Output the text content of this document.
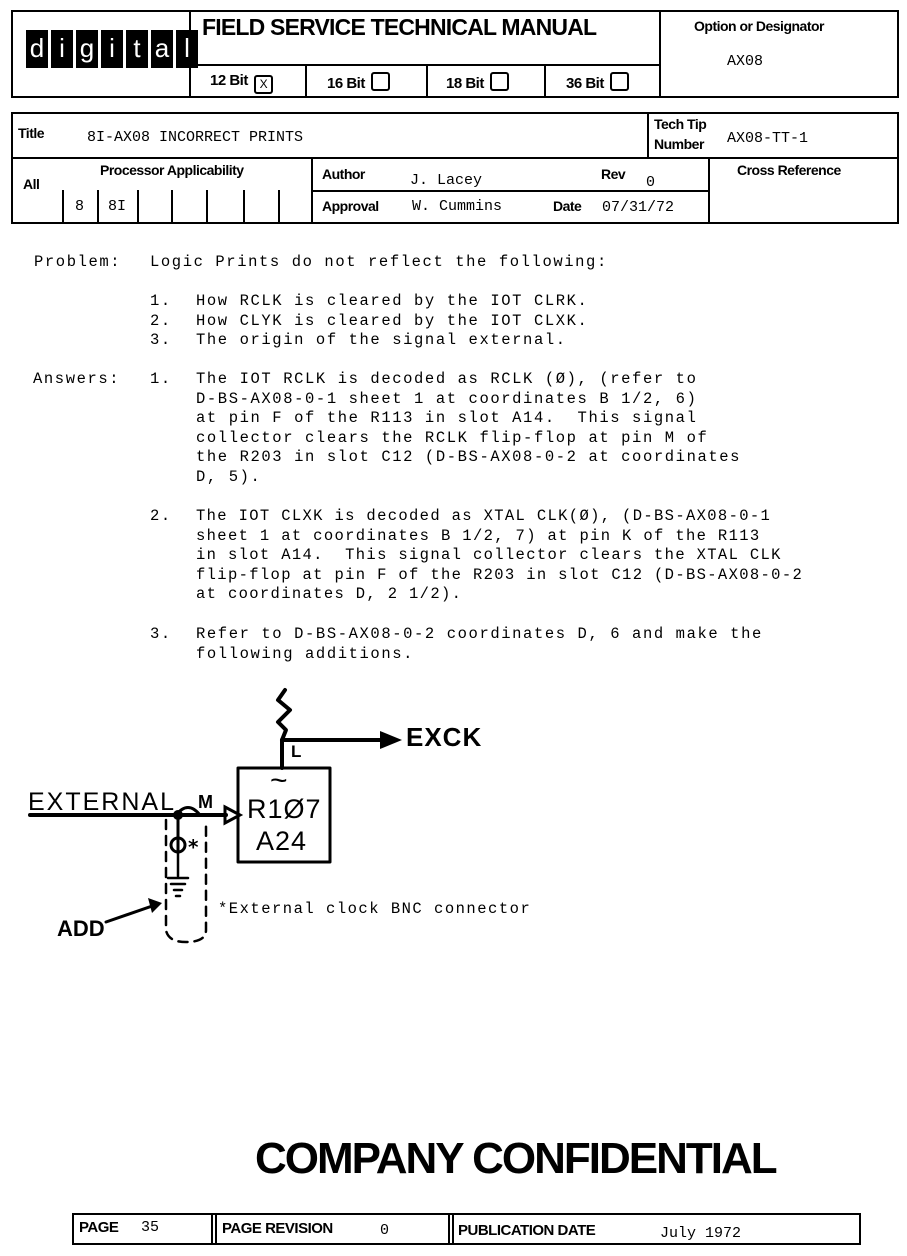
d i g i t a l
FIELD SERVICE TECHNICAL MANUAL
12 Bit X	16 Bit	18 Bit	36 Bit
Option or Designator
AX08
Title	8I-AX08 INCORRECT PRINTS
Tech Tip
Number AX08-TT-1
Processor Applicability
All
8 8I
Author	J. Lacey	Rev 0
Approval W. Cummins	Date 07/31/72
Cross Reference
Problem: Logic Prints do not reflect the following:
1. How RCLK is cleared by the IOT CLRK.
2. How CLYK is cleared by the IOT CLXK.
3. The origin of the signal external.
Answers: 1. The IOT RCLK is decoded as RCLK (Ø), (refer to
D-BS-AX08-0-1 sheet 1 at coordinates B 1/2, 6)
at pin F of the R113 in slot A14.  This signal
collector clears the RCLK flip-flop at pin M of
the R203 in slot C12 (D-BS-AX08-0-2 at coordinates
D, 5).
2. The IOT CLXK is decoded as XTAL CLK(Ø), (D-BS-AX08-0-1
sheet 1 at coordinates B 1/2, 7) at pin K of the R113
in slot A14.  This signal collector clears the XTAL CLK
flip-flop at pin F of the R203 in slot C12 (D-BS-AX08-0-2
at coordinates D, 2 1/2).
3. Refer to D-BS-AX08-0-2 coordinates D, 6 and make the
following additions.
*
EXCK
L
EXTERNAL M
~
R1Ø7
A24
ADD
*External clock BNC connector
COMPANY CONFIDENTIAL
PAGE 35	PAGE REVISION	0	PUBLICATION DATE	July 1972
